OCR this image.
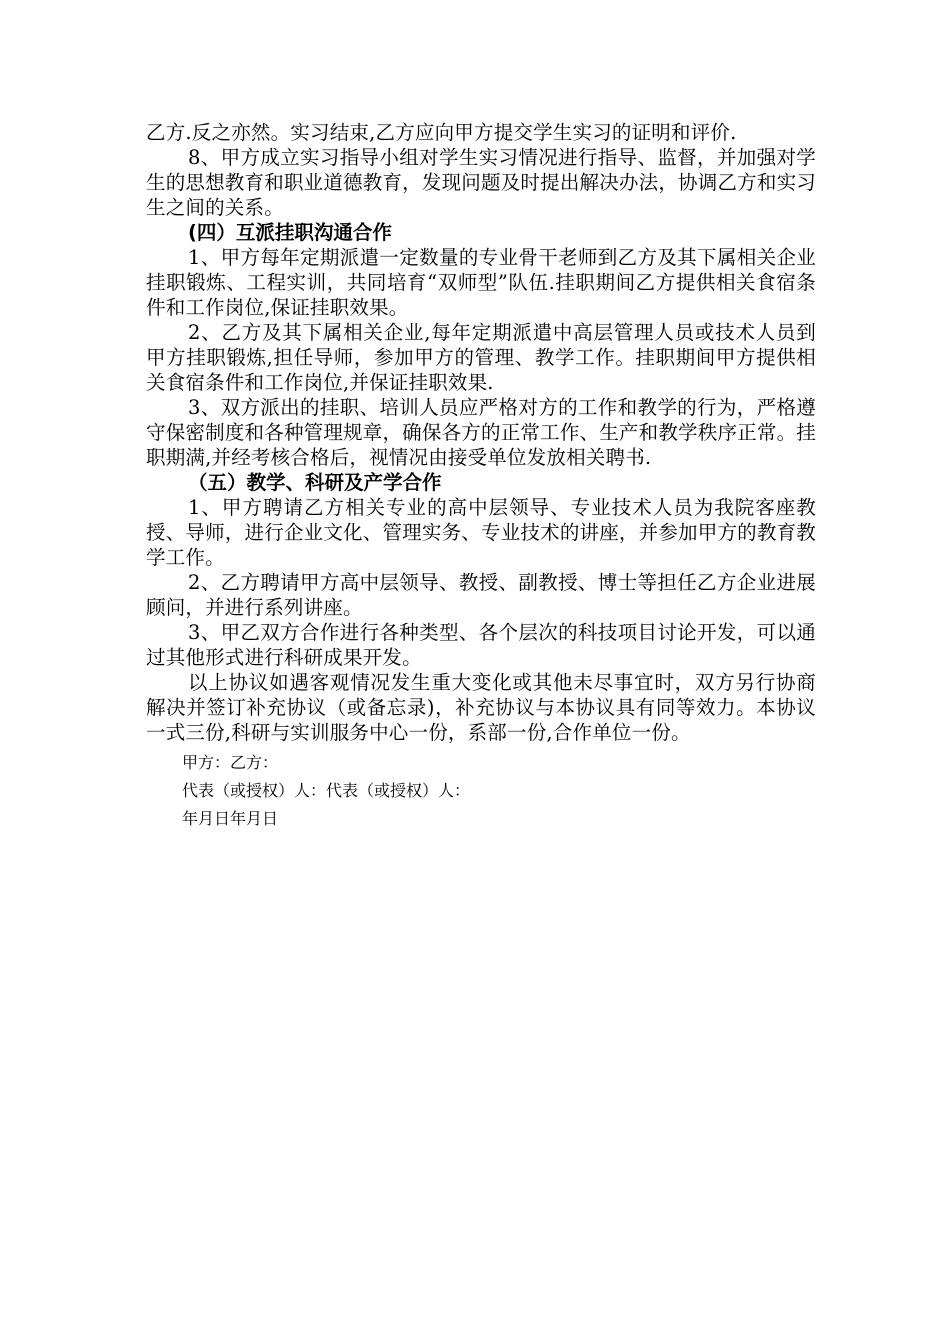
乙方.反之亦然。实习结束,乙方应向甲方提交学生实习的证明和评价.

8、甲方成立实习指导小组对学生实习情况进行指导、监督，并加强对学生的思想教育和职业道德教育，发现问题及时提出解决办法，协调乙方和实习生之间的关系。

(四）互派挂职沟通合作

1、甲方每年定期派遣一定数量的专业骨干老师到乙方及其下属相关企业挂职锻炼、工程实训，共同培育“双师型”队伍.挂职期间乙方提供相关食宿条件和工作岗位,保证挂职效果。

2、乙方及其下属相关企业,每年定期派遣中高层管理人员或技术人员到甲方挂职锻炼,担任导师，参加甲方的管理、教学工作。挂职期间甲方提供相关食宿条件和工作岗位,并保证挂职效果.

3、双方派出的挂职、培训人员应严格对方的工作和教学的行为，严格遵守保密制度和各种管理规章，确保各方的正常工作、生产和教学秩序正常。挂职期满,并经考核合格后，视情况由接受单位发放相关聘书.

（五）教学、科研及产学合作

1、甲方聘请乙方相关专业的高中层领导、专业技术人员为我院客座教授、导师，进行企业文化、管理实务、专业技术的讲座，并参加甲方的教育教学工作。

2、乙方聘请甲方高中层领导、教授、副教授、博士等担任乙方企业进展顾问，并进行系列讲座。

3、甲乙双方合作进行各种类型、各个层次的科技项目讨论开发，可以通过其他形式进行科研成果开发。

以上协议如遇客观情况发生重大变化或其他未尽事宜时，双方另行协商解决并签订补充协议（或备忘录)，补充协议与本协议具有同等效力。本协议一式三份,科研与实训服务中心一份，系部一份,合作单位一份。

甲方：乙方：

代表（或授权）人：代表（或授权）人：

年月日年月日
